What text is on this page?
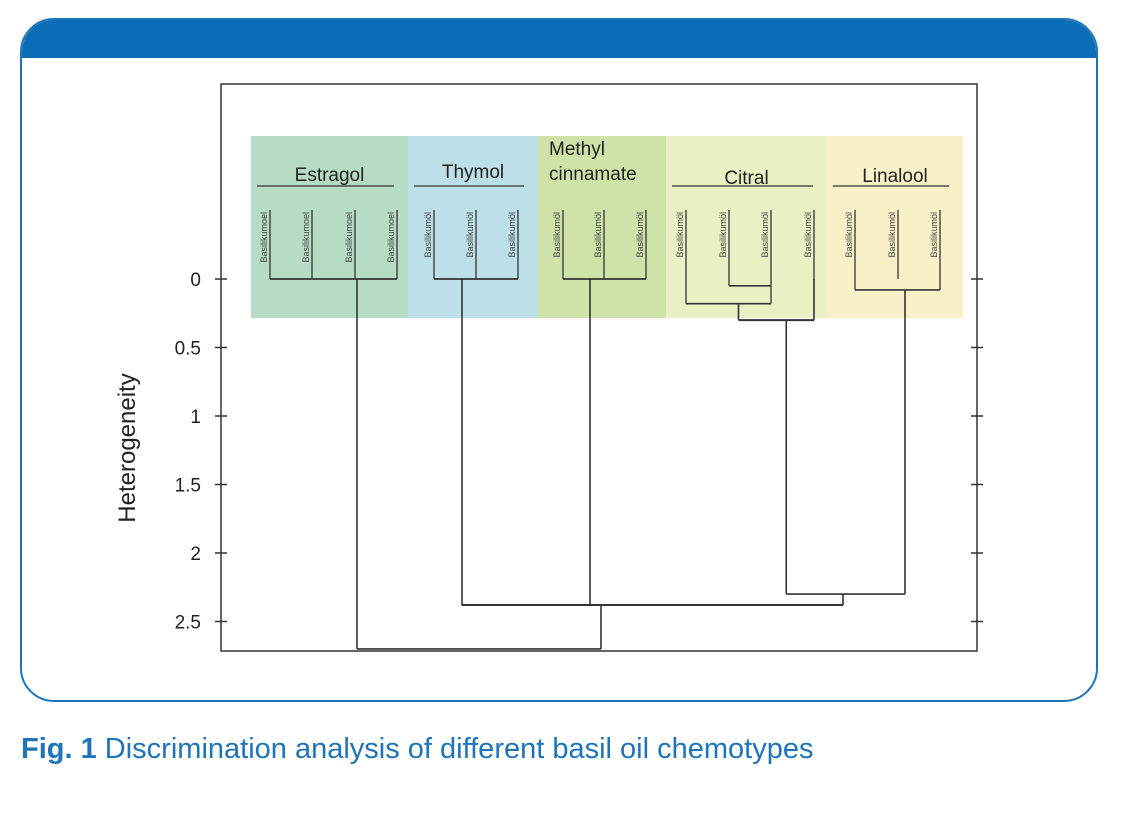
0
0.5
1
1.5
2
2.5
Heterogeneity
Estragol
Basilikumoel	Basilikumoel	Basilikumoel	Basilikumoel
Thymol
Basilikumöl	Basilikumöl	Basilikumöl
Methyl
cinnamate
Basilikumöl	Basilikumöl	Basilikumöl
Citral
Basilikumöl	Basilikumöl	Basilikumöl	Basilikumöl
Linalool
Basilikumöl	Basilikumöl	Basilikumöl
Fig. 1 Discrimination analysis of different basil oil chemotypes
